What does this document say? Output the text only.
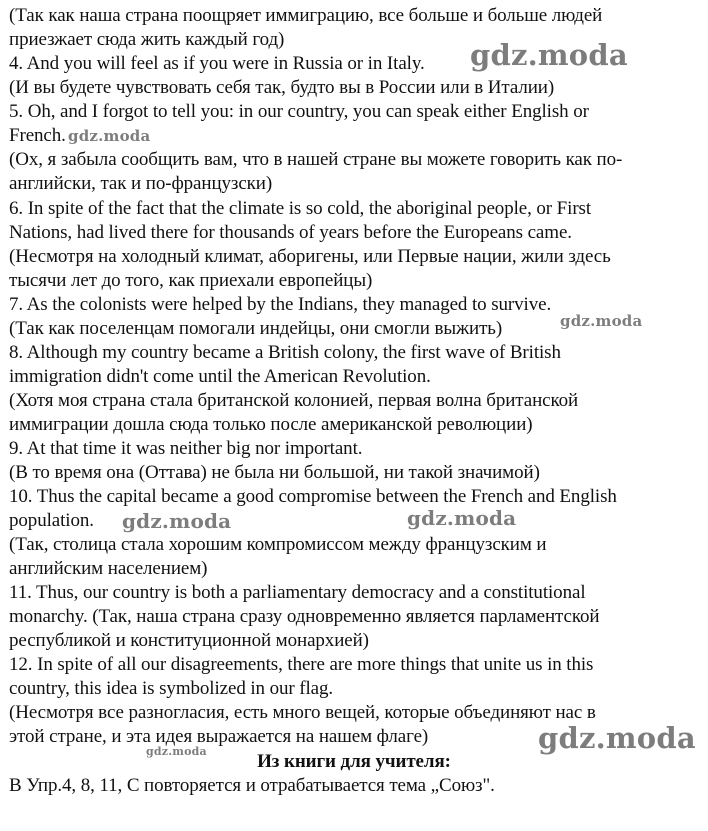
(Так как наша страна поощряет иммиграцию, все больше и больше людей
приезжает сюда жить каждый год)
4. And you will feel as if you were in Russia or in Italy.
(И вы будете чувствовать себя так, будто вы в России или в Италии)
5. Oh, and I forgot to tell you: in our country, you can speak either English or
French.
(Ох, я забыла сообщить вам, что в нашей стране вы можете говорить как по-
английски, так и по-французски)
6. In spite of the fact that the climate is so cold, the aboriginal people, or First
Nations, had lived there for thousands of years before the Europeans came.
(Несмотря на холодный климат, аборигены, или Первые нации, жили здесь
тысячи лет до того, как приехали европейцы)
7. As the colonists were helped by the Indians, they managed to survive.
(Так как поселенцам помогали индейцы, они смогли выжить)
8. Although my country became a British colony, the first wave of British
immigration didn't come until the American Revolution.
(Хотя моя страна стала британской колонией, первая волна британской
иммиграции дошла сюда только после американской революции)
9. At that time it was neither big nor important.
(В то время она (Оттава) не была ни большой, ни такой значимой)
10. Thus the capital became a good compromise between the French and English
population.
(Так, столица стала хорошим компромиссом между французским и
английским населением)
11. Thus, our country is both a parliamentary democracy and a constitutional
monarchy. (Так, наша страна сразу одновременно является парламентской
республикой и конституционной монархией)
12. In spite of all our disagreements, there are more things that unite us in this
country, this idea is symbolized in our flag.
(Несмотря все разногласия, есть много вещей, которые объединяют нас в
этой стране, и эта идея выражается на нашем флаге)
Из книги для учителя:
В Упр.4, 8, 11, С повторяется и отрабатывается тема „Союз".
gdz.moda
gdz.moda
gdz.moda
gdz.moda	gdz.moda
gdz.moda
gdz.moda
